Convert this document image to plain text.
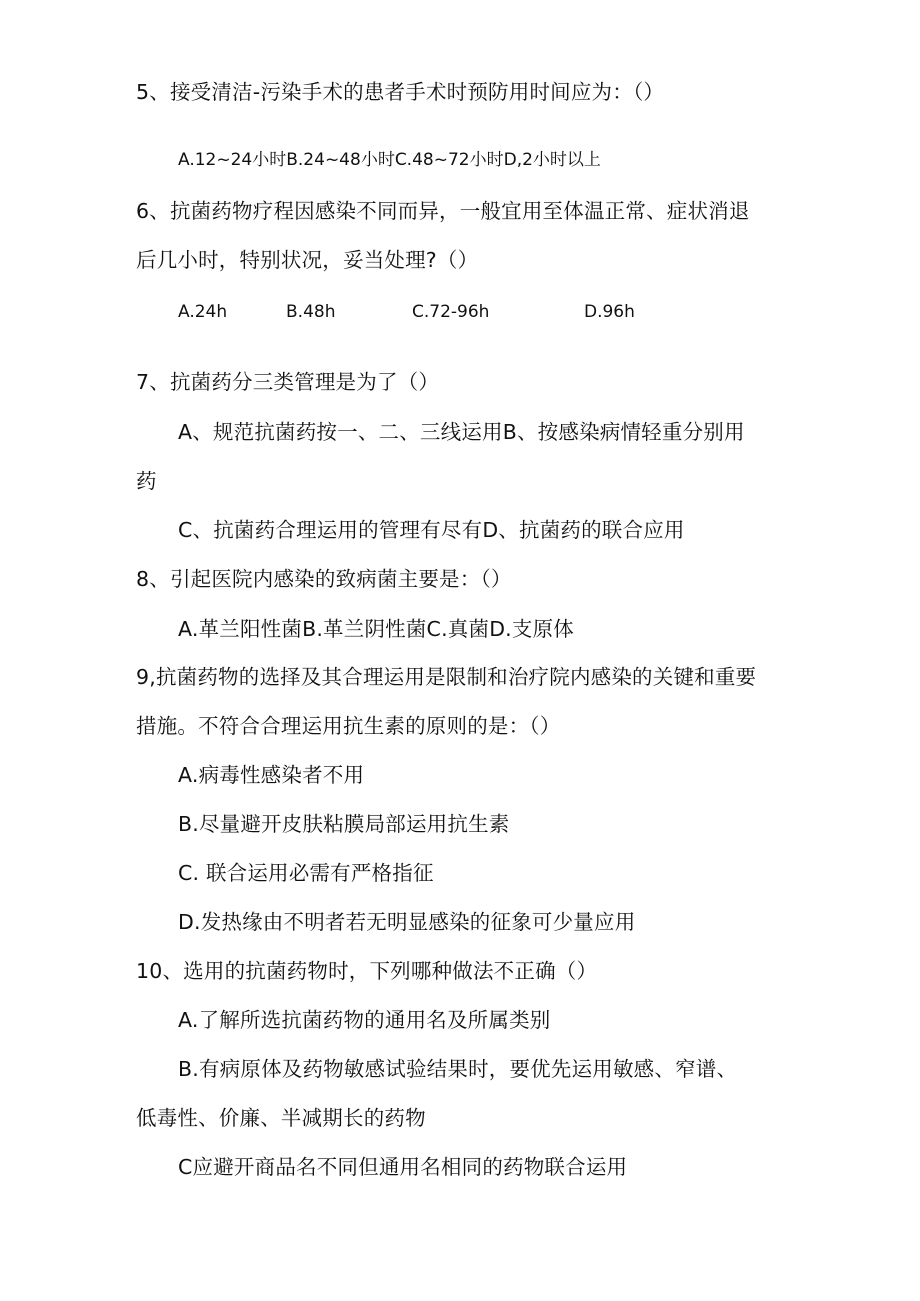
5、接受清洁-污染手术的患者手术时预防用时间应为：（）
A.12~24小时B.24~48小时C.48~72小时D,2小时以上
6、抗菌药物疗程因感染不同而异，一般宜用至体温正常、症状消退
后几小时，特别状况，妥当处理?（）
A.24h	B.48h	C.72-96h	D.96h
7、抗菌药分三类管理是为了（）
A、规范抗菌药按一、二、三线运用B、按感染病情轻重分别用
药
C、抗菌药合理运用的管理有尽有D、抗菌药的联合应用
8、引起医院内感染的致病菌主要是：（）
A.革兰阳性菌B.革兰阴性菌C.真菌D.支原体
9,抗菌药物的选择及其合理运用是限制和治疗院内感染的关键和重要
措施。不符合合理运用抗生素的原则的是：（）
A.病毒性感染者不用
B.尽量避开皮肤粘膜局部运用抗生素
C. 联合运用必需有严格指征
D.发热缘由不明者若无明显感染的征象可少量应用
10、选用的抗菌药物时，下列哪种做法不正确（）
A.了解所选抗菌药物的通用名及所属类别
B.有病原体及药物敏感试验结果时，要优先运用敏感、窄谱、
低毒性、价廉、半减期长的药物
C应避开商品名不同但通用名相同的药物联合运用
